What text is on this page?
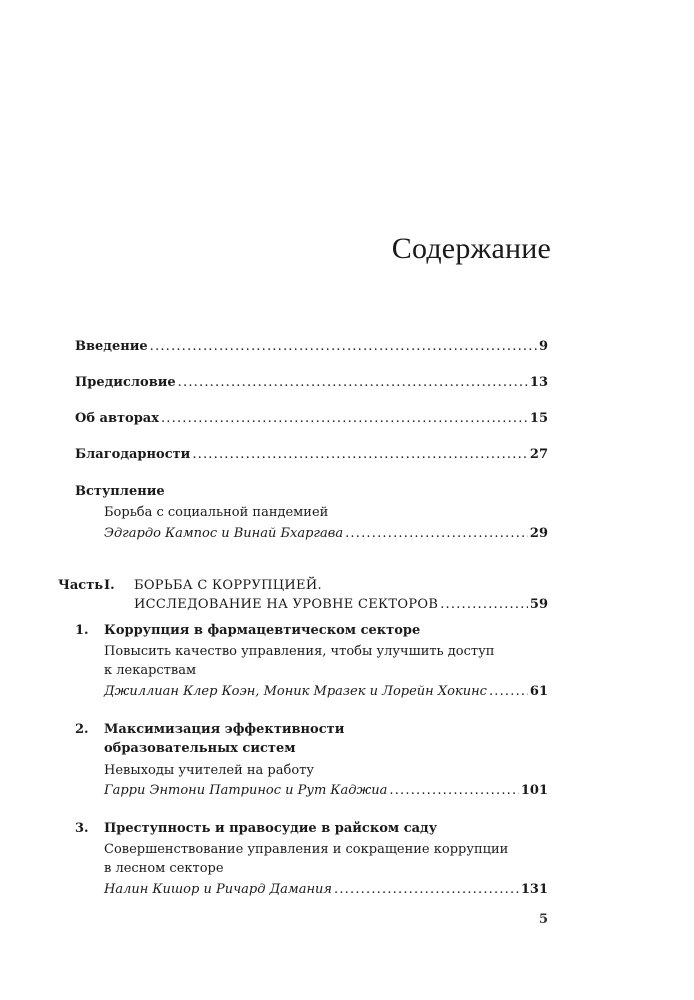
Содержание
Введение .....	9
Предисловие .....	13
Об авторах .....	15
Благодарности .....	27
Вступление
Борьба с социальной пандемией
Эдгардо Кампос и Винай Бхаргава .....	29
Часть I. БОРЬБА С КОРРУПЦИЕЙ.
ИССЛЕДОВАНИЕ НА УРОВНЕ СЕКТОРОВ .....	59
1. Коррупция в фармацевтическом секторе
Повысить качество управления, чтобы улучшить доступ
к лекарствам
Джиллиан Клер Коэн, Моник Мразек и Лорейн Хокинс .....	61
2. Максимизация эффективности
образовательных систем
Невыходы учителей на работу
Гарри Энтони Патринос и Рут Каджиа .....	101
3. Преступность и правосудие в райском саду
Совершенствование управления и сокращение коррупции
в лесном секторе
Налин Кишор и Ричард Дамания .....	131
5
